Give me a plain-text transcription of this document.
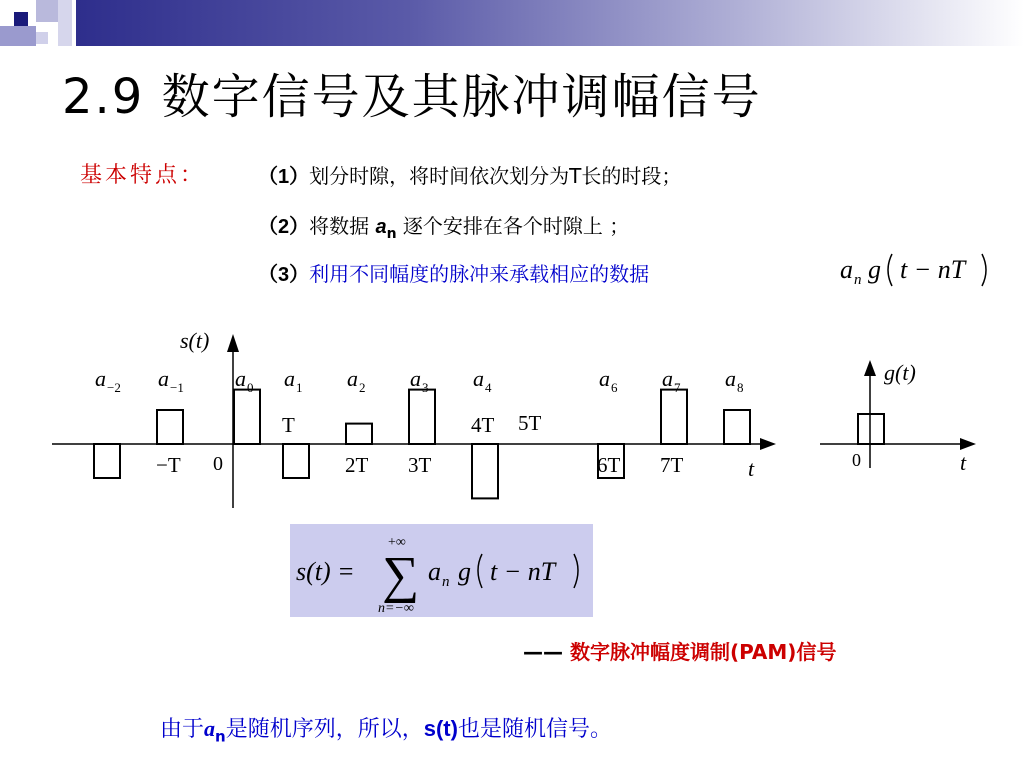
2.9 数字信号及其脉冲调幅信号
基本特点：	（1）划分时隙，将时间依次划分为T长的时段；
（2）将数据 $a_n$ 逐个安排在各个时隙上 ；
（3）利用不同幅度的脉冲来承载相应的数据	a n g t − nT
s(t)
t
0
a −2 a −1 a 0 a 1 a 2 a 3 a 4	a 6 a 7 a 8
−T
T
2T 3T
4T 5T
6T 7T
g(t)
0	t
s(t) =
+∞
∑
n=−∞
a n g t − nT
—— 数字脉冲幅度调制(PAM)信号
由于$a_n$是随机序列，所以，s(t)也是随机信号。
